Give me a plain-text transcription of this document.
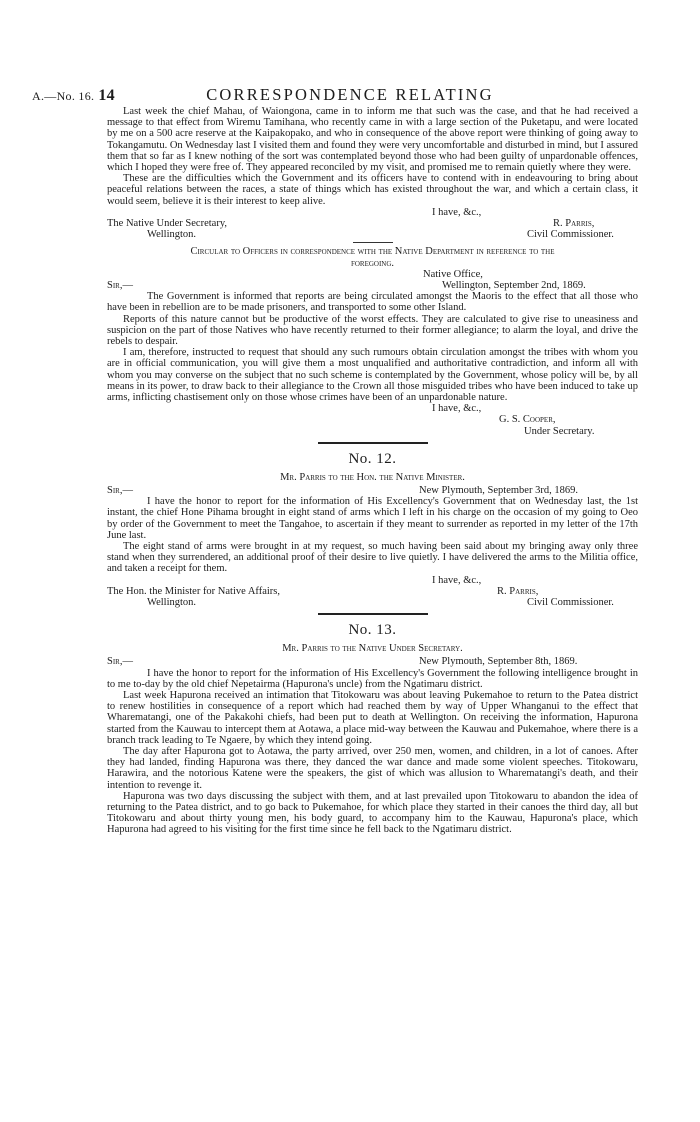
A.—No. 16. 14	CORRESPONDENCE RELATING

Last week the chief Mahau, of Waiongona, came in to inform me that such was the case, and that he had received a message to that effect from Wiremu Tamihana, who recently came in with a large section of the Puketapu, and were located by me on a 500 acre reserve at the Kaipakopako, and who in consequence of the above report were thinking of going away to Tokangamutu. On Wednesday last I visited them and found they were very uncomfortable and disturbed in mind, but I assured them that so far as I knew nothing of the sort was contemplated beyond those who had been guilty of unpardonable offences, which I hoped they were free of. They appeared reconciled by my visit, and promised me to remain quietly where they were.

These are the difficulties which the Government and its officers have to contend with in endeavouring to bring about peaceful relations between the races, a state of things which has existed throughout the war, and which a certain class, it would seem, believe it is their interest to keep alive.

I have, &c.,
The Native Under Secretary,	R. Parris,
Wellington.	Civil Commissioner.

Circular to Officers in correspondence with the Native Department in reference to the

foregoing.

Native Office,
Sir,—	Wellington, September 2nd, 1869.

The Government is informed that reports are being circulated amongst the Maoris to the effect that all those who have been in rebellion are to be made prisoners, and transported to some other Island.

Reports of this nature cannot but be productive of the worst effects. They are calculated to give rise to uneasiness and suspicion on the part of those Natives who have recently returned to their former allegiance; to alarm the loyal, and drive the rebels to despair.

I am, therefore, instructed to request that should any such rumours obtain circulation amongst the tribes with whom you are in official communication, you will give them a most unqualified and authoritative contradiction, and inform all with whom you may converse on the subject that no such scheme is contemplated by the Government, whose policy will be, by all means in its power, to draw back to their allegiance to the Crown all those misguided tribes who have been induced to take up arms, inflicting chastisement only on those whose crimes have been of an unpardonable nature.

I have, &c.,
G. S. Cooper,
Under Secretary.
No. 12.
Mr. Parris to the Hon. the Native Minister.
Sir,—	New Plymouth, September 3rd, 1869.

I have the honor to report for the information of His Excellency's Government that on Wednesday last, the 1st instant, the chief Hone Pihama brought in eight stand of arms which I left in his charge on the occasion of my going to Oeo by order of the Government to meet the Tangahoe, to ascertain if they meant to surrender as reported in my letter of the 17th June last.

The eight stand of arms were brought in at my request, so much having been said about my bringing away only three stand when they surrendered, an additional proof of their desire to live quietly. I have delivered the arms to the Militia office, and taken a receipt for them.

I have, &c.,
The Hon. the Minister for Native Affairs,	R. Parris,
Wellington.	Civil Commissioner.
No. 13.
Mr. Parris to the Native Under Secretary.
Sir,—	New Plymouth, September 8th, 1869.

I have the honor to report for the information of His Excellency's Government the following intelligence brought in to me to-day by the old chief Nepetairma (Hapurona's uncle) from the Ngatimaru district.

Last week Hapurona received an intimation that Titokowaru was about leaving Pukemahoe to return to the Patea district to renew hostilities in consequence of a report which had reached them by way of Upper Whanganui to the effect that Wharematangi, one of the Pakakohi chiefs, had been put to death at Wellington. On receiving the information, Hapurona started from the Kauwau to intercept them at Aotawa, a place mid-way between the Kauwau and Pukemahoe, where there is a branch track leading to Te Ngaere, by which they intend going.

The day after Hapurona got to Aotawa, the party arrived, over 250 men, women, and children, in a lot of canoes. After they had landed, finding Hapurona was there, they danced the war dance and made some violent speeches. Titokowaru, Harawira, and the notorious Katene were the speakers, the gist of which was allusion to Wharematangi's death, and their intention to revenge it.

Hapurona was two days discussing the subject with them, and at last prevailed upon Titokowaru to abandon the idea of returning to the Patea district, and to go back to Pukemahoe, for which place they started in their canoes the third day, all but Titokowaru and about thirty young men, his body guard, to accompany him to the Kauwau, Hapurona's place, which Hapurona had agreed to his visiting for the first time since he fell back to the Ngatimaru district.
